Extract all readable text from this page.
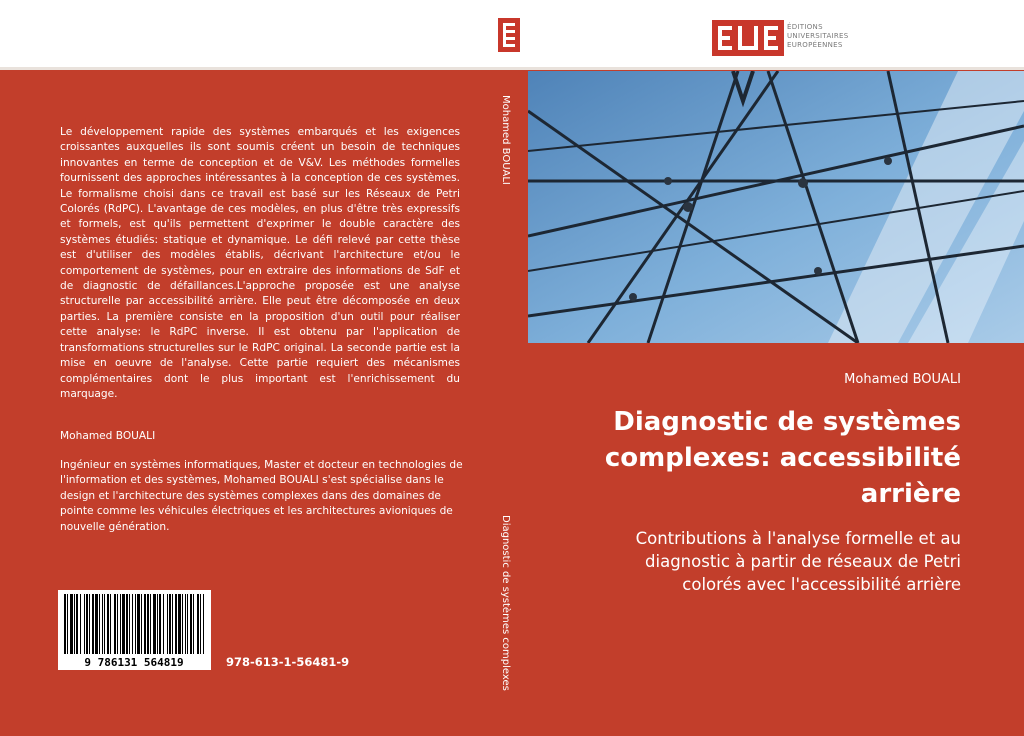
ÉDITIONS
UNIVERSITAIRES
EUROPÉENNES
Le développement rapide des systèmes embarqués et les exigences croissantes auxquelles ils sont soumis créent un besoin de techniques innovantes en terme de conception et de V&V. Les méthodes formelles fournissent des approches intéressantes à la conception de ces systèmes. Le formalisme choisi dans ce travail est basé sur les Réseaux de Petri Colorés (RdPC). L'avantage de ces modèles, en plus d'être très expressifs et formels, est qu'ils permettent d'exprimer le double caractère des systèmes étudiés: statique et dynamique. Le défi relevé par cette thèse est d'utiliser des modèles établis, décrivant l'architecture et/ou le comportement de systèmes, pour en extraire des informations de SdF et de diagnostic de défaillances.L'approche proposée est une analyse structurelle par accessibilité arrière. Elle peut être décomposée en deux parties. La première consiste en la proposition d'un outil pour réaliser cette analyse: le RdPC inverse. Il est obtenu par l'application de transformations structurelles sur le RdPC original. La seconde partie est la mise en oeuvre de l'analyse. Cette partie requiert des mécanismes complémentaires dont le plus important est l'enrichissement du marquage.
Mohamed BOUALI
Ingénieur en systèmes informatiques, Master et docteur en technologies de l'information et des systèmes, Mohamed BOUALI s'est spécialise dans le design et l'architecture des systèmes complexes dans des domaines de pointe comme les véhicules électriques et les architectures avioniques de nouvelle génération.
Mohamed BOUALI
Diagnostic de systèmes complexes
Mohamed BOUALI
Diagnostic de systèmes complexes: accessibilité arrière
Contributions à l'analyse formelle et au diagnostic à partir de réseaux de Petri colorés avec l'accessibilité arrière
9 786131 564819	978-613-1-56481-9
